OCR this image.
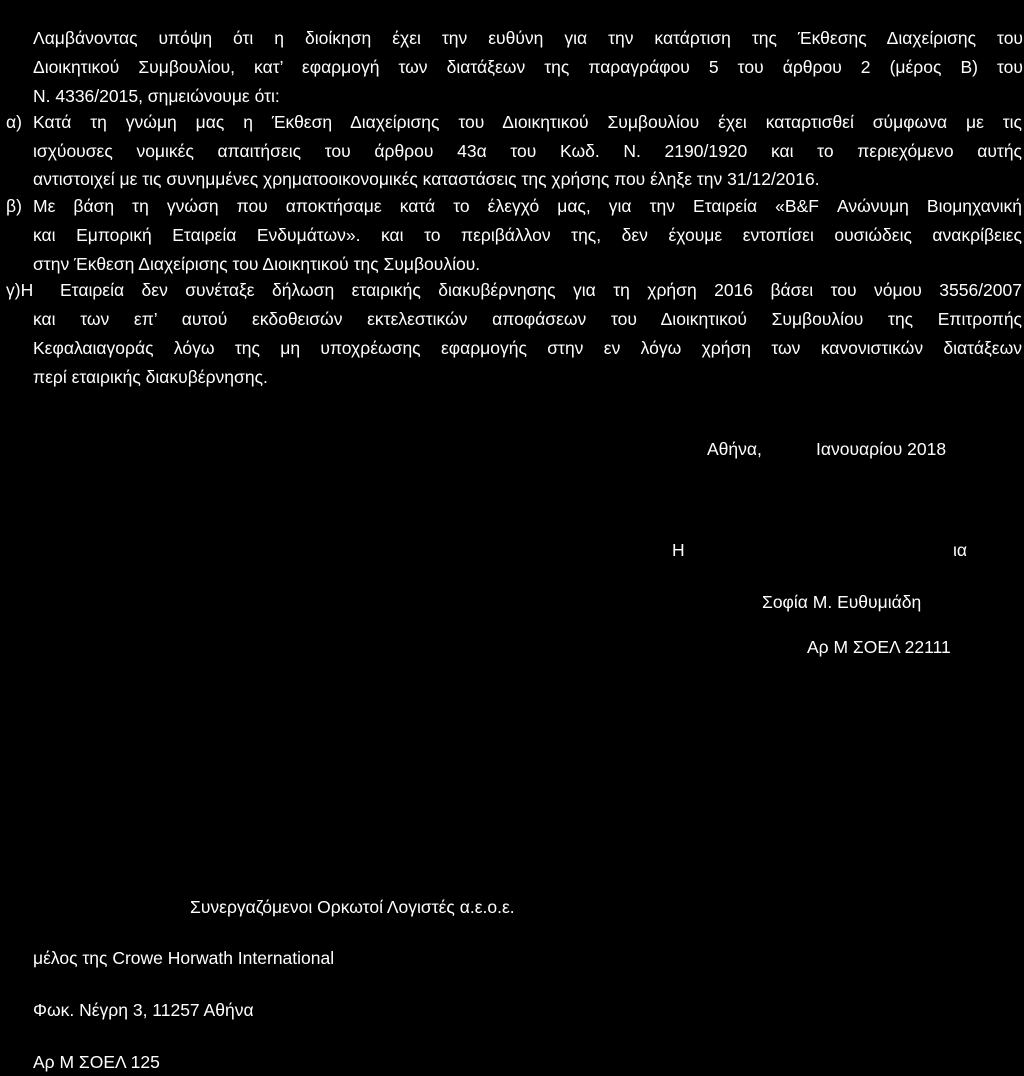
Λαμβάνοντας υπόψη ότι η διοίκηση έχει την ευθύνη για την κατάρτιση της Έκθεσης Διαχείρισης του
Διοικητικού Συμβουλίου, κατ’ εφαρμογή των διατάξεων της παραγράφου 5 του άρθρου 2 (μέρος Β) του
Ν. 4336/2015, σημειώνουμε ότι:
α) Κατά τη γνώμη μας η Έκθεση Διαχείρισης του Διοικητικού Συμβουλίου έχει καταρτισθεί σύμφωνα με τις
ισχύουσες νομικές απαιτήσεις του άρθρου 43α του Κωδ. Ν. 2190/1920 και το περιεχόμενο αυτής
αντιστοιχεί με τις συνημμένες χρηματοοικονομικές καταστάσεις της χρήσης που έληξε την 31/12/2016.
β) Με βάση τη γνώση που αποκτήσαμε κατά το έλεγχό μας, για την Εταιρεία «B&F Ανώνυμη Βιομηχανική
και Εμπορική Εταιρεία Ενδυμάτων». και το περιβάλλον της, δεν έχουμε εντοπίσει ουσιώδεις ανακρίβειες
στην Έκθεση Διαχείρισης του Διοικητικού της Συμβουλίου.
γ)Η Εταιρεία δεν συνέταξε δήλωση εταιρικής διακυβέρνησης για τη χρήση 2016 βάσει του νόμου 3556/2007
και των επ’ αυτού εκδοθεισών εκτελεστικών αποφάσεων του Διοικητικού Συμβουλίου της Επιτροπής
Κεφαλαιαγοράς λόγω της μη υποχρέωσης εφαρμογής στην εν λόγω χρήση των κανονιστικών διατάξεων
περί εταιρικής διακυβέρνησης.
Αθήνα,	Ιανουαρίου 2018
Η	ια
Σοφία Μ. Ευθυμιάδη
Αρ Μ ΣΟΕΛ 22111
Συνεργαζόμενοι Ορκωτοί Λογιστές α.ε.ο.ε.
μέλος της Crowe Horwath International
Φωκ. Νέγρη 3, 11257 Αθήνα
Αρ Μ ΣΟΕΛ 125
